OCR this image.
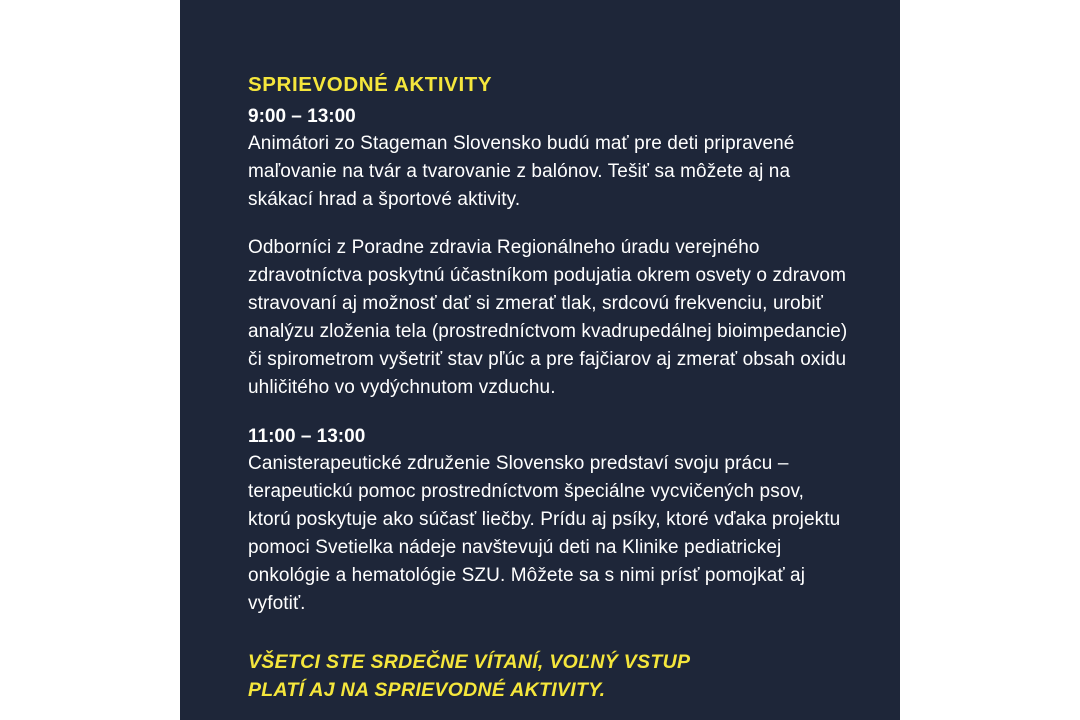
SPRIEVODNÉ AKTIVITY

9:00 – 13:00

Animátori zo Stageman Slovensko budú mať pre deti pripravené maľovanie na tvár a tvarovanie z balónov. Tešiť sa môžete aj na skákací hrad a športové aktivity.

Odborníci z Poradne zdravia Regionálneho úradu verejného zdravotníctva poskytnú účastníkom podujatia okrem osvety o zdravom stravovaní aj možnosť dať si zmerať tlak, srdcovú frekvenciu, urobiť analýzu zloženia tela (prostredníctvom kvadrupedálnej bioimpedancie) či spirometrom vyšetriť stav pľúc a pre fajčiarov aj zmerať obsah oxidu uhličitého vo vydýchnutom vzduchu.

11:00 – 13:00

Canisterapeutické združenie Slovensko predstaví svoju prácu – terapeutickú pomoc prostredníctvom špeciálne vycvičených psov, ktorú poskytuje ako súčasť liečby. Prídu aj psíky, ktoré vďaka projektu pomoci Svetielka nádeje navštevujú deti na Klinike pediatrickej onkológie a hematológie SZU. Môžete sa s nimi prísť pomojkať aj vyfotiť.

VŠETCI STE SRDEČNE VÍTANÍ, VOĽNÝ VSTUP
PLATÍ AJ NA SPRIEVODNÉ AKTIVITY.
